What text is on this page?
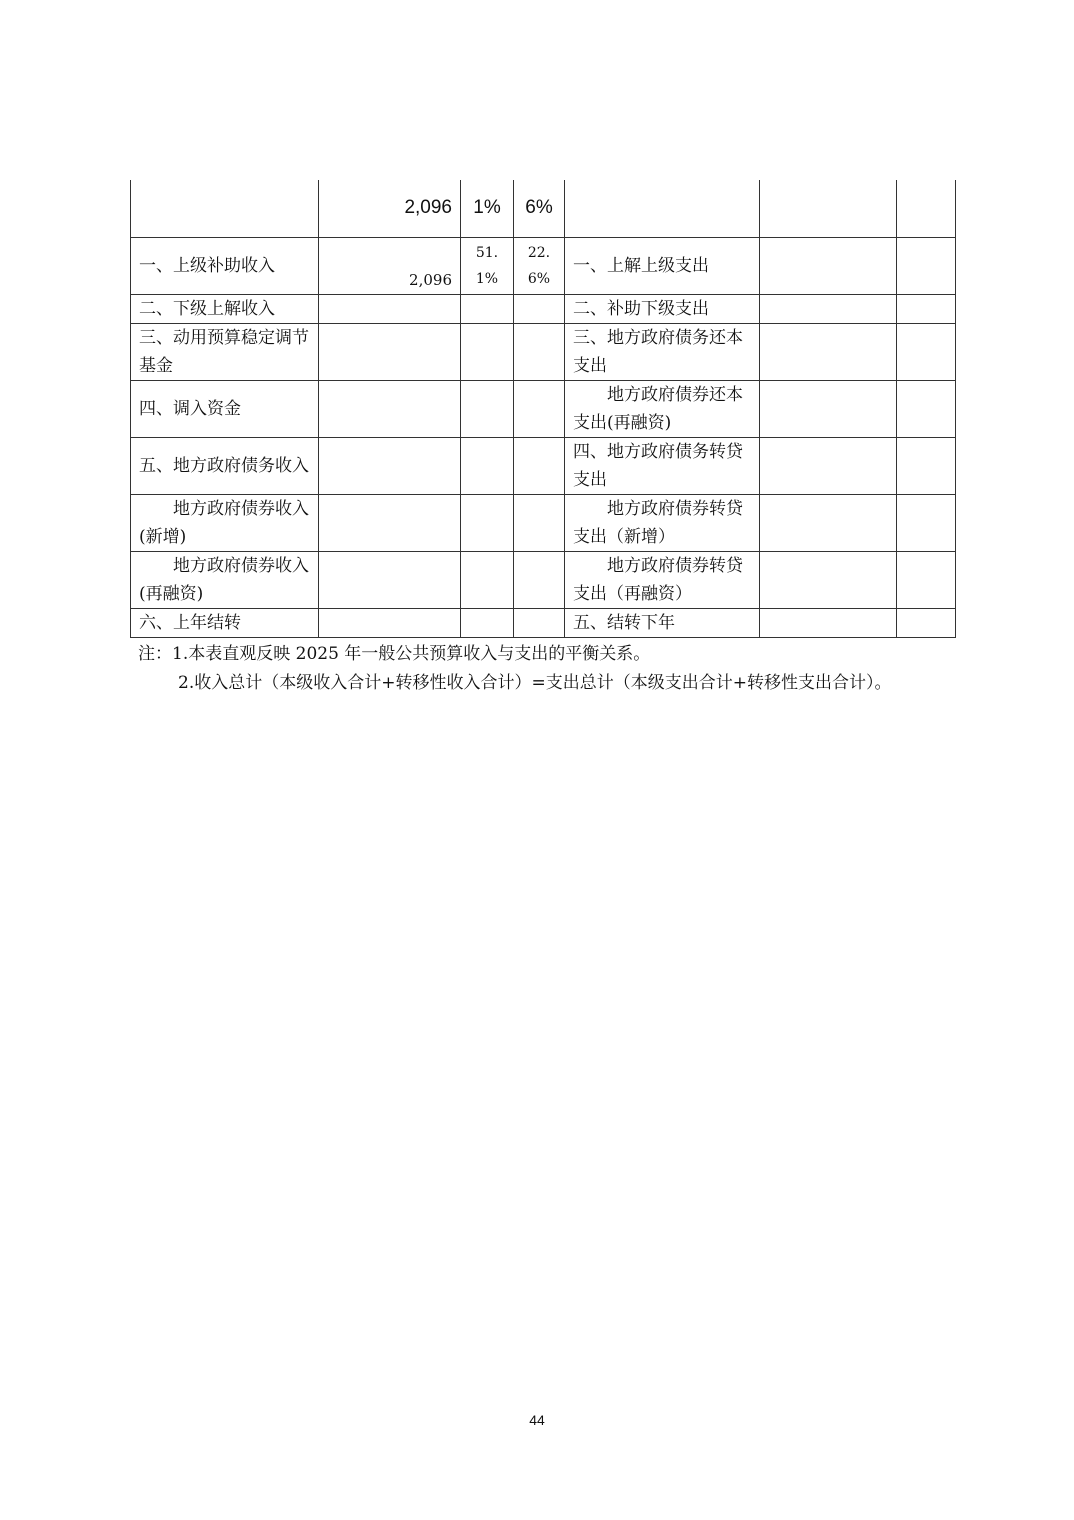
	2,096	1%	6%			
一、上级补助收入	2,096	51.1%	22.6%	一、上解上级支出		
二、下级上解收入				二、补助下级支出		
三、动用预算稳定调节基金				三、地方政府债务还本支出		
四、调入资金				地方政府债券还本支出(再融资)		
五、地方政府债务收入				四、地方政府债务转贷支出		
地方政府债券收入(新增)				地方政府债券转贷支出（新增）		
地方政府债券收入(再融资)				地方政府债券转贷支出（再融资）		
六、上年结转				五、结转下年		

注：1.本表直观反映 2025 年一般公共预算收入与支出的平衡关系。

2.收入总计（本级收入合计+转移性收入合计）=支出总计（本级支出合计+转移性支出合计）。

44
